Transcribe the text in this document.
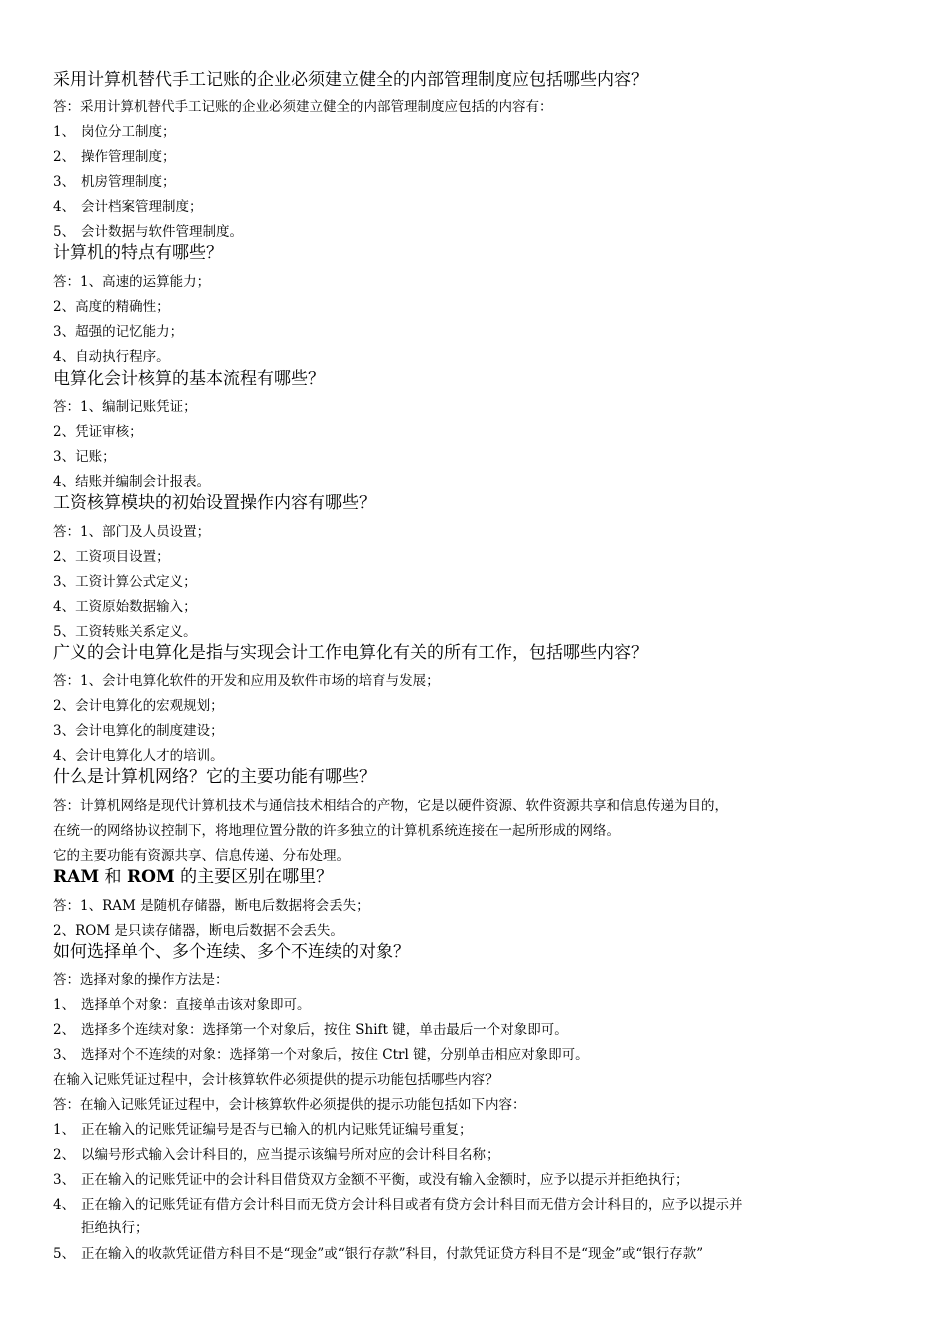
采用计算机替代手工记账的企业必须建立健全的内部管理制度应包括哪些内容？
答：采用计算机替代手工记账的企业必须建立健全的内部管理制度应包括的内容有：
1、 岗位分工制度；
2、 操作管理制度；
3、 机房管理制度；
4、 会计档案管理制度；
5、 会计数据与软件管理制度。
计算机的特点有哪些？
答：1、高速的运算能力；
2、高度的精确性；
3、超强的记忆能力；
4、自动执行程序。
电算化会计核算的基本流程有哪些？
答：1、编制记账凭证；
2、凭证审核；
3、记账；
4、结账并编制会计报表。
工资核算模块的初始设置操作内容有哪些？
答：1、部门及人员设置；
2、工资项目设置；
3、工资计算公式定义；
4、工资原始数据输入；
5、工资转账关系定义。
广义的会计电算化是指与实现会计工作电算化有关的所有工作，包括哪些内容？
答：1、会计电算化软件的开发和应用及软件市场的培育与发展；
2、会计电算化的宏观规划；
3、会计电算化的制度建设；
4、会计电算化人才的培训。
什么是计算机网络？它的主要功能有哪些？
答：计算机网络是现代计算机技术与通信技术相结合的产物，它是以硬件资源、软件资源共享和信息传递为目的，
在统一的网络协议控制下，将地理位置分散的许多独立的计算机系统连接在一起所形成的网络。
它的主要功能有资源共享、信息传递、分布处理。
RAM 和 ROM 的主要区别在哪里？
答：1、RAM 是随机存储器，断电后数据将会丢失；
2、ROM 是只读存储器，断电后数据不会丢失。
如何选择单个、多个连续、多个不连续的对象？
答：选择对象的操作方法是：
1、 选择单个对象：直接单击该对象即可。
2、 选择多个连续对象：选择第一个对象后，按住 Shift 键，单击最后一个对象即可。
3、 选择对个不连续的对象：选择第一个对象后，按住 Ctrl 键，分别单击相应对象即可。
在输入记账凭证过程中，会计核算软件必须提供的提示功能包括哪些内容？
答：在输入记账凭证过程中，会计核算软件必须提供的提示功能包括如下内容：
1、 正在输入的记账凭证编号是否与已输入的机内记账凭证编号重复；
2、 以编号形式输入会计科目的，应当提示该编号所对应的会计科目名称；
3、 正在输入的记账凭证中的会计科目借贷双方金额不平衡，或没有输入金额时，应予以提示并拒绝执行；
4、 正在输入的记账凭证有借方会计科目而无贷方会计科目或者有贷方会计科目而无借方会计科目的，应予以提示并
拒绝执行；
5、 正在输入的收款凭证借方科目不是“现金”或“银行存款”科目，付款凭证贷方科目不是“现金”或“银行存款”
